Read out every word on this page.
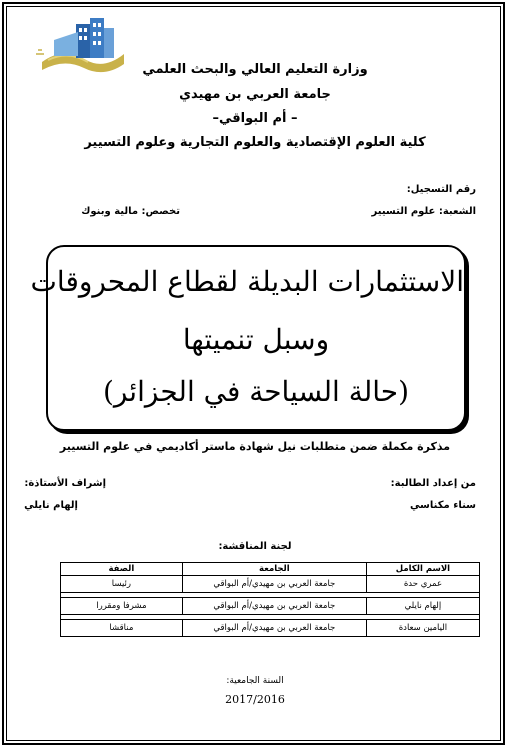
وزارة التعليم العالي والبحث العلمي
جامعة العربي بن مهيدي
– أم البواقي–
كلية العلوم الإقتصادية والعلوم التجارية وعلوم التسيير
رقم التسجيل:
الشعبة: علوم التسيير
تخصص: مالية وبنوك
الاستثمارات البديلة لقطاع المحروقات
وسبل تنميتها
(حالة السياحة في الجزائر)
مذكرة مكملة ضمن متطلبات نيل شهادة ماستر أكاديمي في علوم التسيير
من إعداد الطالبة:
سناء مكناسي
إشراف الأستاذة:
إلهام نايلي
لجنة المناقشة:
الاسم الكامل	الجامعة	الصفة
عمري حدة	جامعة العربي بن مهيدي/أم البواقي	رئيسا

إلهام نايلي	جامعة العربي بن مهيدي/أم البواقي	مشرفا ومقررا

اليامين سعادة	جامعة العربي بن مهيدي/أم البواقي	مناقشا
السنة الجامعية:
2017/2016
